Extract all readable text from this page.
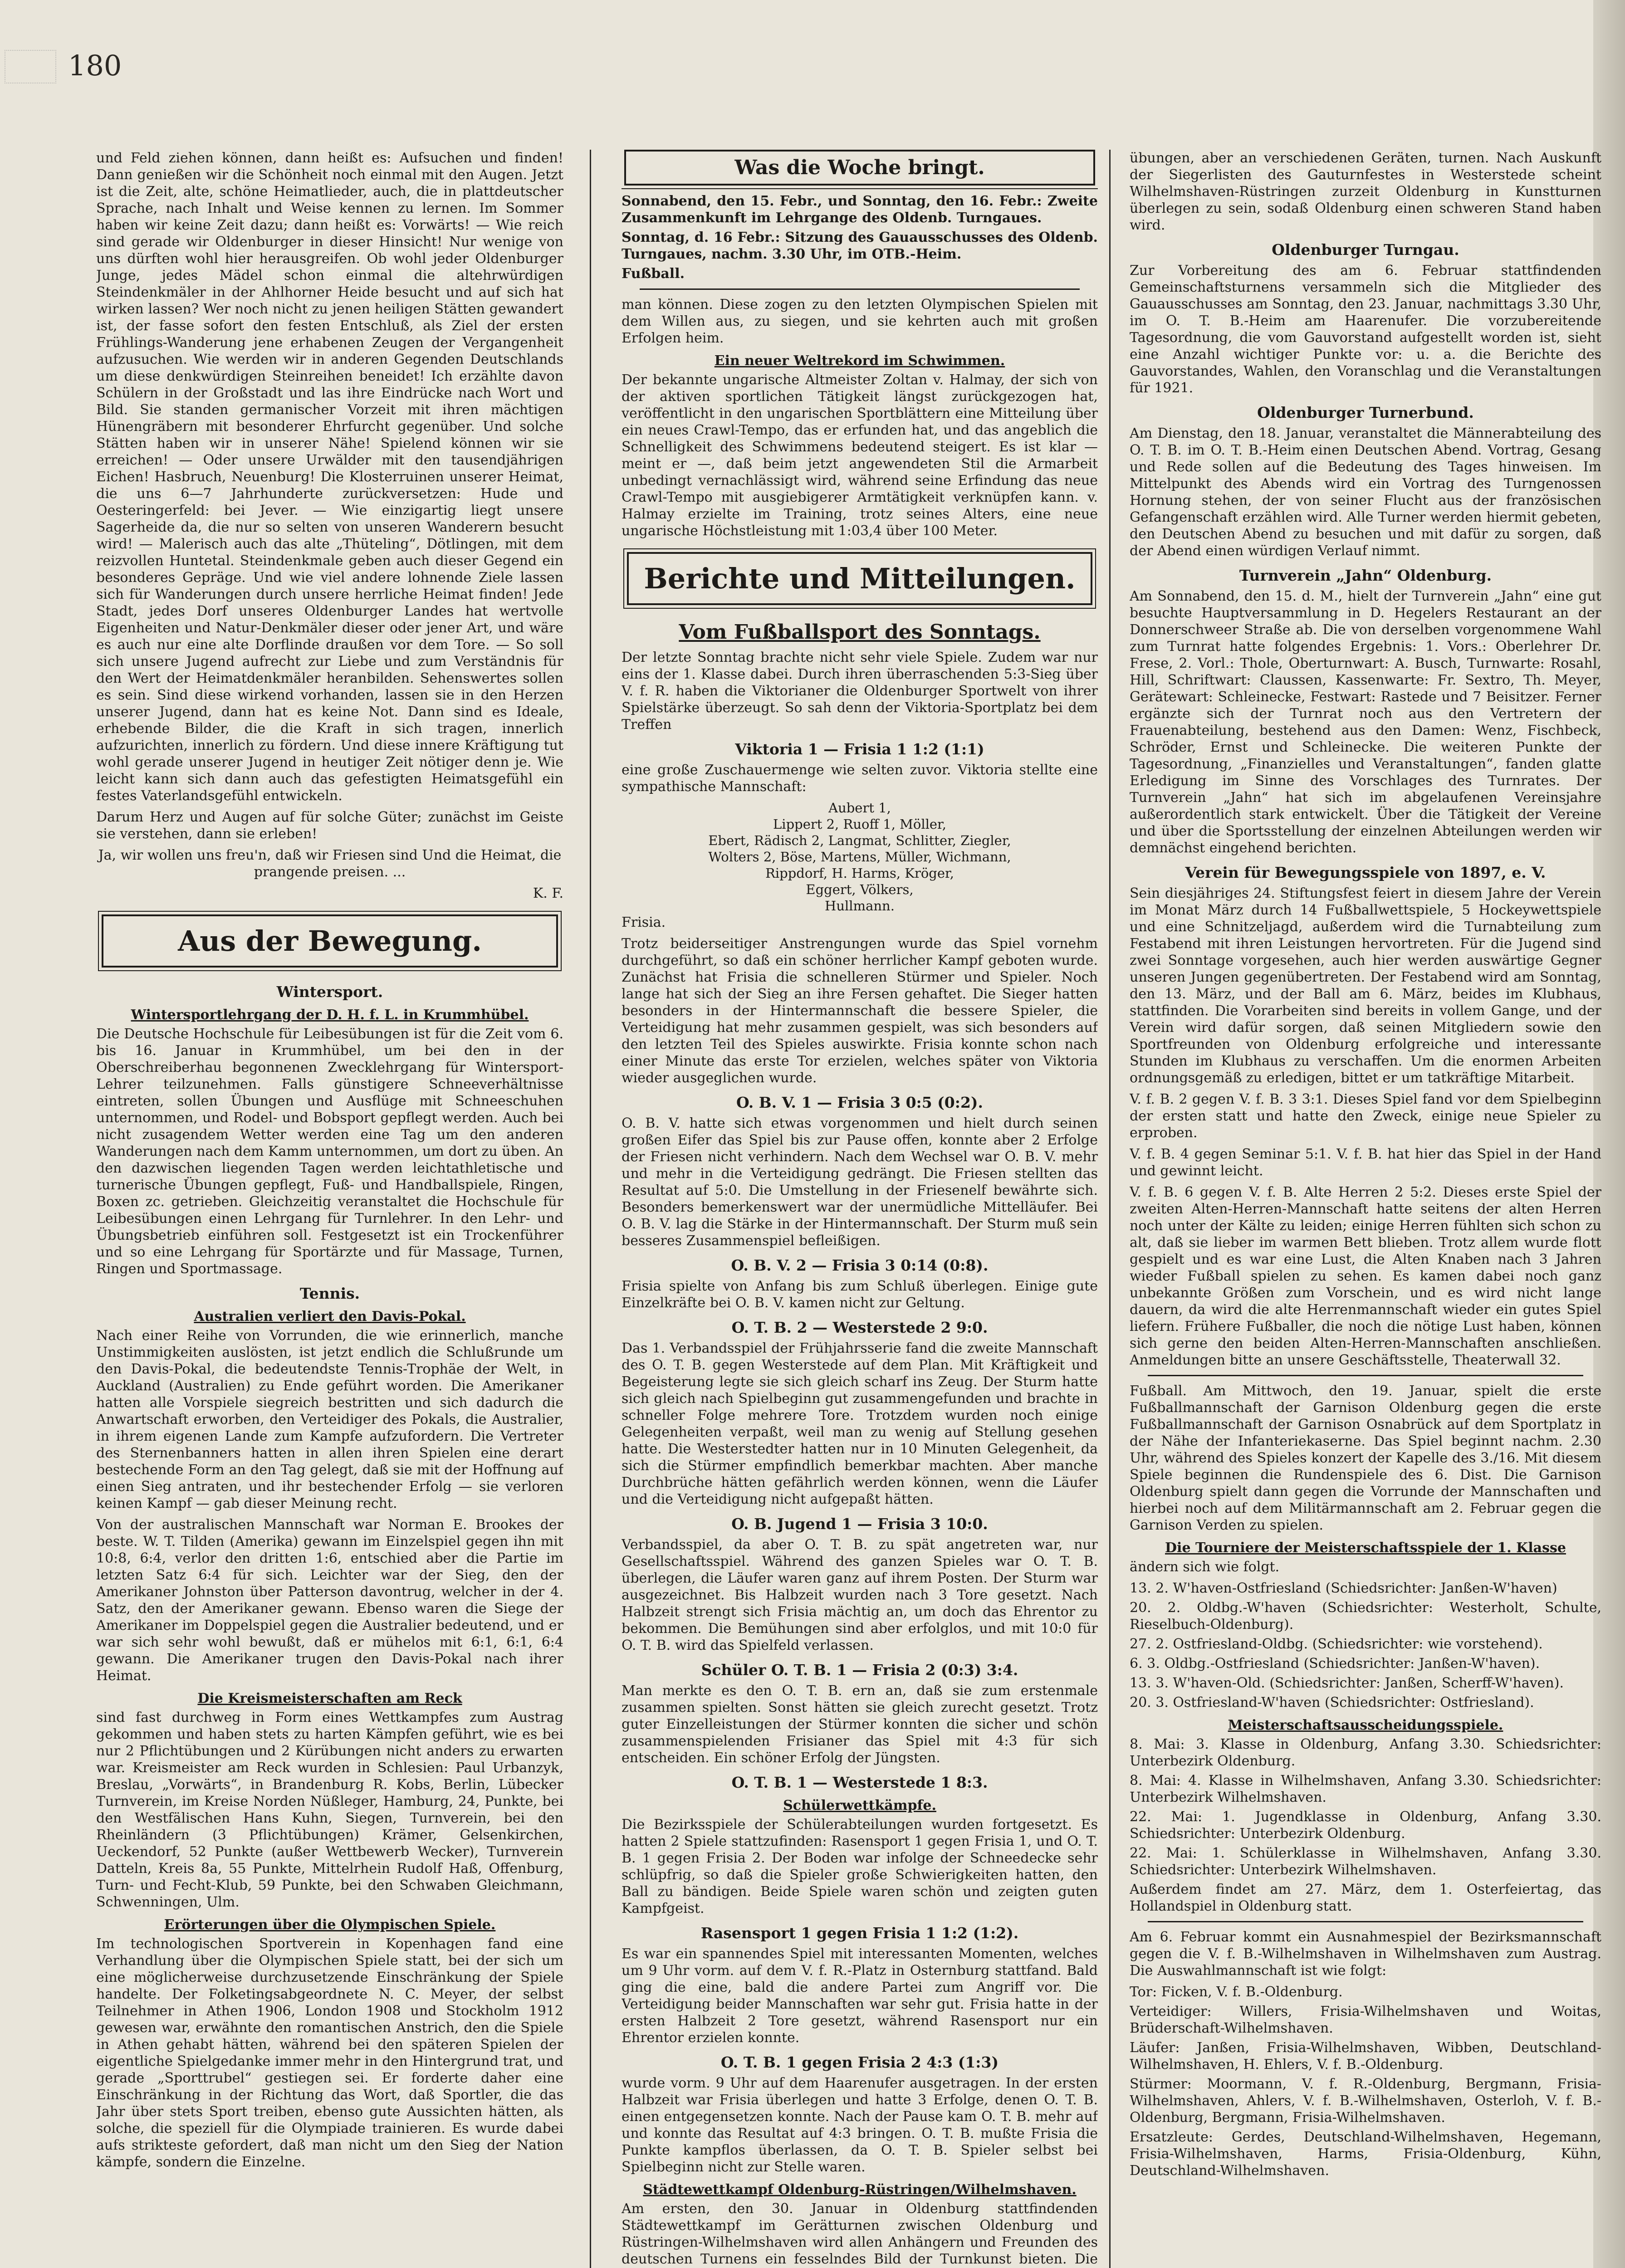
180

und Feld ziehen können, dann heißt es: Aufsuchen und finden! Dann genießen wir die Schönheit noch einmal mit den Augen. Jetzt ist die Zeit, alte, schöne Heimatlieder, auch, die in plattdeutscher Sprache, nach Inhalt und Weise kennen zu lernen. Im Sommer haben wir keine Zeit dazu; dann heißt es: Vorwärts! — Wie reich sind gerade wir Oldenburger in dieser Hinsicht! Nur wenige von uns dürften wohl hier herausgreifen. Ob wohl jeder Oldenburger Junge, jedes Mädel schon einmal die altehrwürdigen Steindenkmäler in der Ahlhorner Heide besucht und auf sich hat wirken lassen? Wer noch nicht zu jenen heiligen Stätten gewandert ist, der fasse sofort den festen Entschluß, als Ziel der ersten Frühlings-Wanderung jene erhabenen Zeugen der Vergangenheit aufzusuchen. Wie werden wir in anderen Gegenden Deutschlands um diese denkwürdigen Steinreihen beneidet! Ich erzählte davon Schülern in der Großstadt und las ihre Eindrücke nach Wort und Bild. Sie standen germanischer Vorzeit mit ihren mächtigen Hünengräbern mit besonderer Ehrfurcht gegenüber. Und solche Stätten haben wir in unserer Nähe! Spielend können wir sie erreichen! — Oder unsere Urwälder mit den tausendjährigen Eichen! Hasbruch, Neuenburg! Die Klosterruinen unserer Heimat, die uns 6—7 Jahrhunderte zurückversetzen: Hude und Oesteringerfeld: bei Jever. — Wie einzigartig liegt unsere Sagerheide da, die nur so selten von unseren Wanderern besucht wird! — Malerisch auch das alte „Thüteling“, Dötlingen, mit dem reizvollen Huntetal. Steindenkmale geben auch dieser Gegend ein besonderes Gepräge. Und wie viel andere lohnende Ziele lassen sich für Wanderungen durch unsere herrliche Heimat finden! Jede Stadt, jedes Dorf unseres Oldenburger Landes hat wertvolle Eigenheiten und Natur-Denkmäler dieser oder jener Art, und wäre es auch nur eine alte Dorflinde draußen vor dem Tore. — So soll sich unsere Jugend aufrecht zur Liebe und zum Verständnis für den Wert der Heimatdenkmäler heranbilden. Sehenswertes sollen es sein. Sind diese wirkend vorhanden, lassen sie in den Herzen unserer Jugend, dann hat es keine Not. Dann sind es Ideale, erhebende Bilder, die die Kraft in sich tragen, innerlich aufzurichten, innerlich zu fördern. Und diese innere Kräftigung tut wohl gerade unserer Jugend in heutiger Zeit nötiger denn je. Wie leicht kann sich dann auch das gefestigten Heimatsgefühl ein festes Vaterlandsgefühl entwickeln.

Darum Herz und Augen auf für solche Güter; zunächst im Geiste sie verstehen, dann sie erleben!

Ja, wir wollen uns freu'n, daß wir Friesen sind Und die Heimat, die prangende preisen. ...

K. F.

Aus der Bewegung.
Wintersport.
Wintersportlehrgang der D. H. f. L. in Krummhübel.

Die Deutsche Hochschule für Leibesübungen ist für die Zeit vom 6. bis 16. Januar in Krummhübel, um bei den in der Oberschreiberhau begonnenen Zwecklehrgang für Wintersport-Lehrer teilzunehmen. Falls günstigere Schneeverhältnisse eintreten, sollen Übungen und Ausflüge mit Schneeschuhen unternommen, und Rodel- und Bobsport gepflegt werden. Auch bei nicht zusagendem Wetter werden eine Tag um den anderen Wanderungen nach dem Kamm unternommen, um dort zu üben. An den dazwischen liegenden Tagen werden leichtathletische und turnerische Übungen gepflegt, Fuß- und Handballspiele, Ringen, Boxen zc. getrieben. Gleichzeitig veranstaltet die Hochschule für Leibesübungen einen Lehrgang für Turnlehrer. In den Lehr- und Übungsbetrieb einführen soll. Festgesetzt ist ein Trockenführer und so eine Lehrgang für Sportärzte und für Massage, Turnen, Ringen und Sportmassage.

Tennis.
Australien verliert den Davis-Pokal.

Nach einer Reihe von Vorrunden, die wie erinnerlich, manche Unstimmigkeiten auslösten, ist jetzt endlich die Schlußrunde um den Davis-Pokal, die bedeutendste Tennis-Trophäe der Welt, in Auckland (Australien) zu Ende geführt worden. Die Amerikaner hatten alle Vorspiele siegreich bestritten und sich dadurch die Anwartschaft erworben, den Verteidiger des Pokals, die Australier, in ihrem eigenen Lande zum Kampfe aufzufordern. Die Vertreter des Sternenbanners hatten in allen ihren Spielen eine derart bestechende Form an den Tag gelegt, daß sie mit der Hoffnung auf einen Sieg antraten, und ihr bestechender Erfolg — sie verloren keinen Kampf — gab dieser Meinung recht.

Von der australischen Mannschaft war Norman E. Brookes der beste. W. T. Tilden (Amerika) gewann im Einzelspiel gegen ihn mit 10:8, 6:4, verlor den dritten 1:6, entschied aber die Partie im letzten Satz 6:4 für sich. Leichter war der Sieg, den der Amerikaner Johnston über Patterson davontrug, welcher in der 4. Satz, den der Amerikaner gewann. Ebenso waren die Siege der Amerikaner im Doppelspiel gegen die Australier bedeutend, und er war sich sehr wohl bewußt, daß er mühelos mit 6:1, 6:1, 6:4 gewann. Die Amerikaner trugen den Davis-Pokal nach ihrer Heimat.

Die Kreismeisterschaften am Reck

sind fast durchweg in Form eines Wettkampfes zum Austrag gekommen und haben stets zu harten Kämpfen geführt, wie es bei nur 2 Pflichtübungen und 2 Kürübungen nicht anders zu erwarten war. Kreismeister am Reck wurden in Schlesien: Paul Urbanzyk, Breslau, „Vorwärts“, in Brandenburg R. Kobs, Berlin, Lübecker Turnverein, im Kreise Norden Nüßleger, Hamburg, 24, Punkte, bei den Westfälischen Hans Kuhn, Siegen, Turnverein, bei den Rheinländern (3 Pflichtübungen) Krämer, Gelsenkirchen, Ueckendorf, 52 Punkte (außer Wettbewerb Wecker), Turnverein Datteln, Kreis 8a, 55 Punkte, Mittelrhein Rudolf Haß, Offenburg, Turn- und Fecht-Klub, 59 Punkte, bei den Schwaben Gleichmann, Schwenningen, Ulm.

Erörterungen über die Olympischen Spiele.

Im technologischen Sportverein in Kopenhagen fand eine Verhandlung über die Olympischen Spiele statt, bei der sich um eine möglicherweise durchzusetzende Einschränkung der Spiele handelte. Der Folketingsabgeordnete N. C. Meyer, der selbst Teilnehmer in Athen 1906, London 1908 und Stockholm 1912 gewesen war, erwähnte den romantischen Anstrich, den die Spiele in Athen gehabt hätten, während bei den späteren Spielen der eigentliche Spielgedanke immer mehr in den Hintergrund trat, und gerade „Sporttrubel“ gestiegen sei. Er forderte daher eine Einschränkung in der Richtung das Wort, daß Sportler, die das Jahr über stets Sport treiben, ebenso gute Aussichten hätten, als solche, die speziell für die Olympiade trainieren. Es wurde dabei aufs strikteste gefordert, daß man nicht um den Sieg der Nation kämpfe, sondern die Einzelne.

Was die Woche bringt.

Sonnabend, den 15. Febr., und Sonntag, den 16. Febr.: Zweite Zusammenkunft im Lehrgange des Oldenb. Turngaues.

Sonntag, d. 16 Febr.: Sitzung des Gauausschusses des Oldenb. Turngaues, nachm. 3.30 Uhr, im OTB.-Heim.

Fußball.

man können. Diese zogen zu den letzten Olympischen Spielen mit dem Willen aus, zu siegen, und sie kehrten auch mit großen Erfolgen heim.

Ein neuer Weltrekord im Schwimmen.

Der bekannte ungarische Altmeister Zoltan v. Halmay, der sich von der aktiven sportlichen Tätigkeit längst zurückgezogen hat, veröffentlicht in den ungarischen Sportblättern eine Mitteilung über ein neues Crawl-Tempo, das er erfunden hat, und das angeblich die Schnelligkeit des Schwimmens bedeutend steigert. Es ist klar — meint er —, daß beim jetzt angewendeten Stil die Armarbeit unbedingt vernachlässigt wird, während seine Erfindung das neue Crawl-Tempo mit ausgiebigerer Armtätigkeit verknüpfen kann. v. Halmay erzielte im Training, trotz seines Alters, eine neue ungarische Höchstleistung mit 1:03,4 über 100 Meter.

Berichte und Mitteilungen.
Vom Fußballsport des Sonntags.

Der letzte Sonntag brachte nicht sehr viele Spiele. Zudem war nur eins der 1. Klasse dabei. Durch ihren überraschenden 5:3-Sieg über V. f. R. haben die Viktorianer die Oldenburger Sportwelt von ihrer Spielstärke überzeugt. So sah denn der Viktoria-Sportplatz bei dem Treffen

Viktoria 1 — Frisia 1 1:2 (1:1)

eine große Zuschauermenge wie selten zuvor. Viktoria stellte eine sympathische Mannschaft:

Aubert 1,

Lippert 2, Ruoff 1, Möller,

Ebert, Rädisch 2, Langmat, Schlitter, Ziegler,

Wolters 2, Böse, Martens, Müller, Wichmann,

Rippdorf, H. Harms, Kröger,

Eggert, Völkers,

Hullmann.

Frisia.

Trotz beiderseitiger Anstrengungen wurde das Spiel vornehm durchgeführt, so daß ein schöner herrlicher Kampf geboten wurde. Zunächst hat Frisia die schnelleren Stürmer und Spieler. Noch lange hat sich der Sieg an ihre Fersen gehaftet. Die Sieger hatten besonders in der Hintermannschaft die bessere Spieler, die Verteidigung hat mehr zusammen gespielt, was sich besonders auf den letzten Teil des Spieles auswirkte. Frisia konnte schon nach einer Minute das erste Tor erzielen, welches später von Viktoria wieder ausgeglichen wurde.

O. B. V. 1 — Frisia 3 0:5 (0:2).

O. B. V. hatte sich etwas vorgenommen und hielt durch seinen großen Eifer das Spiel bis zur Pause offen, konnte aber 2 Erfolge der Friesen nicht verhindern. Nach dem Wechsel war O. B. V. mehr und mehr in die Verteidigung gedrängt. Die Friesen stellten das Resultat auf 5:0. Die Umstellung in der Friesenelf bewährte sich. Besonders bemerkenswert war der unermüdliche Mittelläufer. Bei O. B. V. lag die Stärke in der Hintermannschaft. Der Sturm muß sein besseres Zusammenspiel befleißigen.

O. B. V. 2 — Frisia 3 0:14 (0:8).

Frisia spielte von Anfang bis zum Schluß überlegen. Einige gute Einzelkräfte bei O. B. V. kamen nicht zur Geltung.

O. T. B. 2 — Westerstede 2 9:0.

Das 1. Verbandsspiel der Frühjahrsserie fand die zweite Mannschaft des O. T. B. gegen Westerstede auf dem Plan. Mit Kräftigkeit und Begeisterung legte sie sich gleich scharf ins Zeug. Der Sturm hatte sich gleich nach Spielbeginn gut zusammengefunden und brachte in schneller Folge mehrere Tore. Trotzdem wurden noch einige Gelegenheiten verpaßt, weil man zu wenig auf Stellung gesehen hatte. Die Westerstedter hatten nur in 10 Minuten Gelegenheit, da sich die Stürmer empfindlich bemerkbar machten. Aber manche Durchbrüche hätten gefährlich werden können, wenn die Läufer und die Verteidigung nicht aufgepaßt hätten.

O. B. Jugend 1 — Frisia 3 10:0.

Verbandsspiel, da aber O. T. B. zu spät angetreten war, nur Gesellschaftsspiel. Während des ganzen Spieles war O. T. B. überlegen, die Läufer waren ganz auf ihrem Posten. Der Sturm war ausgezeichnet. Bis Halbzeit wurden nach 3 Tore gesetzt. Nach Halbzeit strengt sich Frisia mächtig an, um doch das Ehrentor zu bekommen. Die Bemühungen sind aber erfolglos, und mit 10:0 für O. T. B. wird das Spielfeld verlassen.

Schüler O. T. B. 1 — Frisia 2 (0:3) 3:4.

Man merkte es den O. T. B. ern an, daß sie zum erstenmale zusammen spielten. Sonst hätten sie gleich zurecht gesetzt. Trotz guter Einzelleistungen der Stürmer konnten die sicher und schön zusammenspielenden Frisianer das Spiel mit 4:3 für sich entscheiden. Ein schöner Erfolg der Jüngsten.

O. T. B. 1 — Westerstede 1 8:3.
Schülerwettkämpfe.

Die Bezirksspiele der Schülerabteilungen wurden fortgesetzt. Es hatten 2 Spiele stattzufinden: Rasensport 1 gegen Frisia 1, und O. T. B. 1 gegen Frisia 2. Der Boden war infolge der Schneedecke sehr schlüpfrig, so daß die Spieler große Schwierigkeiten hatten, den Ball zu bändigen. Beide Spiele waren schön und zeigten guten Kampfgeist.

Rasensport 1 gegen Frisia 1 1:2 (1:2).

Es war ein spannendes Spiel mit interessanten Momenten, welches um 9 Uhr vorm. auf dem V. f. R.-Platz in Osternburg stattfand. Bald ging die eine, bald die andere Partei zum Angriff vor. Die Verteidigung beider Mannschaften war sehr gut. Frisia hatte in der ersten Halbzeit 2 Tore gesetzt, während Rasensport nur ein Ehrentor erzielen konnte.

O. T. B. 1 gegen Frisia 2 4:3 (1:3)

wurde vorm. 9 Uhr auf dem Haarenufer ausgetragen. In der ersten Halbzeit war Frisia überlegen und hatte 3 Erfolge, denen O. T. B. einen entgegensetzen konnte. Nach der Pause kam O. T. B. mehr auf und konnte das Resultat auf 4:3 bringen. O. T. B. mußte Frisia die Punkte kampflos überlassen, da O. T. B. Spieler selbst bei Spielbeginn nicht zur Stelle waren.

Städtewettkampf Oldenburg-Rüstringen/Wilhelmshaven.

Am ersten, den 30. Januar in Oldenburg stattfindenden Städtewettkampf im Gerätturnen zwischen Oldenburg und Rüstringen-Wilhelmshaven wird allen Anhängern und Freunden des deutschen Turnens ein fesselndes Bild der Turnkunst bieten. Die

übungen, aber an verschiedenen Geräten, turnen. Nach Auskunft der Siegerlisten des Gauturnfestes in Westerstede scheint Wilhelmshaven-Rüstringen zurzeit Oldenburg in Kunstturnen überlegen zu sein, sodaß Oldenburg einen schweren Stand haben wird.

Oldenburger Turngau.

Zur Vorbereitung des am 6. Februar stattfindenden Gemeinschaftsturnens versammeln sich die Mitglieder des Gauausschusses am Sonntag, den 23. Januar, nachmittags 3.30 Uhr, im O. T. B.-Heim am Haarenufer. Die vorzubereitende Tagesordnung, die vom Gauvorstand aufgestellt worden ist, sieht eine Anzahl wichtiger Punkte vor: u. a. die Berichte des Gauvorstandes, Wahlen, den Voranschlag und die Veranstaltungen für 1921.

Oldenburger Turnerbund.

Am Dienstag, den 18. Januar, veranstaltet die Männerabteilung des O. T. B. im O. T. B.-Heim einen Deutschen Abend. Vortrag, Gesang und Rede sollen auf die Bedeutung des Tages hinweisen. Im Mittelpunkt des Abends wird ein Vortrag des Turngenossen Hornung stehen, der von seiner Flucht aus der französischen Gefangenschaft erzählen wird. Alle Turner werden hiermit gebeten, den Deutschen Abend zu besuchen und mit dafür zu sorgen, daß der Abend einen würdigen Verlauf nimmt.

Turnverein „Jahn“ Oldenburg.

Am Sonnabend, den 15. d. M., hielt der Turnverein „Jahn“ eine gut besuchte Hauptversammlung in D. Hegelers Restaurant an der Donnerschweer Straße ab. Die von derselben vorgenommene Wahl zum Turnrat hatte folgendes Ergebnis: 1. Vors.: Oberlehrer Dr. Frese, 2. Vorl.: Thole, Oberturnwart: A. Busch, Turnwarte: Rosahl, Hill, Schriftwart: Claussen, Kassenwarte: Fr. Sextro, Th. Meyer, Gerätewart: Schleinecke, Festwart: Rastede und 7 Beisitzer. Ferner ergänzte sich der Turnrat noch aus den Vertretern der Frauenabteilung, bestehend aus den Damen: Wenz, Fischbeck, Schröder, Ernst und Schleinecke. Die weiteren Punkte der Tagesordnung, „Finanzielles und Veranstaltungen“, fanden glatte Erledigung im Sinne des Vorschlages des Turnrates. Der Turnverein „Jahn“ hat sich im abgelaufenen Vereinsjahre außerordentlich stark entwickelt. Über die Tätigkeit der Vereine und über die Sportsstellung der einzelnen Abteilungen werden wir demnächst eingehend berichten.

Verein für Bewegungsspiele von 1897, e. V.

Sein diesjähriges 24. Stiftungsfest feiert in diesem Jahre der Verein im Monat März durch 14 Fußballwettspiele, 5 Hockeywettspiele und eine Schnitzeljagd, außerdem wird die Turnabteilung zum Festabend mit ihren Leistungen hervortreten. Für die Jugend sind zwei Sonntage vorgesehen, auch hier werden auswärtige Gegner unseren Jungen gegenübertreten. Der Festabend wird am Sonntag, den 13. März, und der Ball am 6. März, beides im Klubhaus, stattfinden. Die Vorarbeiten sind bereits in vollem Gange, und der Verein wird dafür sorgen, daß seinen Mitgliedern sowie den Sportfreunden von Oldenburg erfolgreiche und interessante Stunden im Klubhaus zu verschaffen. Um die enormen Arbeiten ordnungsgemäß zu erledigen, bittet er um tatkräftige Mitarbeit.

V. f. B. 2 gegen V. f. B. 3 3:1. Dieses Spiel fand vor dem Spielbeginn der ersten statt und hatte den Zweck, einige neue Spieler zu erproben.

V. f. B. 4 gegen Seminar 5:1. V. f. B. hat hier das Spiel in der Hand und gewinnt leicht.

V. f. B. 6 gegen V. f. B. Alte Herren 2 5:2. Dieses erste Spiel der zweiten Alten-Herren-Mannschaft hatte seitens der alten Herren noch unter der Kälte zu leiden; einige Herren fühlten sich schon zu alt, daß sie lieber im warmen Bett blieben. Trotz allem wurde flott gespielt und es war eine Lust, die Alten Knaben nach 3 Jahren wieder Fußball spielen zu sehen. Es kamen dabei noch ganz unbekannte Größen zum Vorschein, und es wird nicht lange dauern, da wird die alte Herrenmannschaft wieder ein gutes Spiel liefern. Frühere Fußballer, die noch die nötige Lust haben, können sich gerne den beiden Alten-Herren-Mannschaften anschließen. Anmeldungen bitte an unsere Geschäftsstelle, Theaterwall 32.

Fußball. Am Mittwoch, den 19. Januar, spielt die erste Fußballmannschaft der Garnison Oldenburg gegen die erste Fußballmannschaft der Garnison Osnabrück auf dem Sportplatz in der Nähe der Infanteriekaserne. Das Spiel beginnt nachm. 2.30 Uhr, während des Spieles konzert der Kapelle des 3./16. Mit diesem Spiele beginnen die Rundenspiele des 6. Dist. Die Garnison Oldenburg spielt dann gegen die Vorrunde der Mannschaften und hierbei noch auf dem Militärmannschaft am 2. Februar gegen die Garnison Verden zu spielen.

Die Tourniere der Meisterschaftsspiele der 1. Klasse

ändern sich wie folgt.

13. 2. W'haven-Ostfriesland (Schiedsrichter: Janßen-W'haven)

20. 2. Oldbg.-W'haven (Schiedsrichter: Westerholt, Schulte, Rieselbuch-Oldenburg).

27. 2. Ostfriesland-Oldbg. (Schiedsrichter: wie vorstehend).

6. 3. Oldbg.-Ostfriesland (Schiedsrichter: Janßen-W'haven).

13. 3. W'haven-Old. (Schiedsrichter: Janßen, Scherff-W'haven).

20. 3. Ostfriesland-W'haven (Schiedsrichter: Ostfriesland).

Meisterschaftsausscheidungsspiele.

8. Mai: 3. Klasse in Oldenburg, Anfang 3.30. Schiedsrichter: Unterbezirk Oldenburg.

8. Mai: 4. Klasse in Wilhelmshaven, Anfang 3.30. Schiedsrichter: Unterbezirk Wilhelmshaven.

22. Mai: 1. Jugendklasse in Oldenburg, Anfang 3.30. Schiedsrichter: Unterbezirk Oldenburg.

22. Mai: 1. Schülerklasse in Wilhelmshaven, Anfang 3.30. Schiedsrichter: Unterbezirk Wilhelmshaven.

Außerdem findet am 27. März, dem 1. Osterfeiertag, das Hollandspiel in Oldenburg statt.

Am 6. Februar kommt ein Ausnahmespiel der Bezirksmannschaft gegen die V. f. B.-Wilhelmshaven in Wilhelmshaven zum Austrag. Die Auswahlmannschaft ist wie folgt:

Tor: Ficken, V. f. B.-Oldenburg.

Verteidiger: Willers, Frisia-Wilhelmshaven und Woitas, Brüderschaft-Wilhelmshaven.

Läufer: Janßen, Frisia-Wilhelmshaven, Wibben, Deutschland-Wilhelmshaven, H. Ehlers, V. f. B.-Oldenburg.

Stürmer: Moormann, V. f. R.-Oldenburg, Bergmann, Frisia-Wilhelmshaven, Ahlers, V. f. B.-Wilhelmshaven, Osterloh, V. f. B.-Oldenburg, Bergmann, Frisia-Wilhelmshaven.

Ersatzleute: Gerdes, Deutschland-Wilhelmshaven, Hegemann, Frisia-Wilhelmshaven, Harms, Frisia-Oldenburg, Kühn, Deutschland-Wilhelmshaven.
